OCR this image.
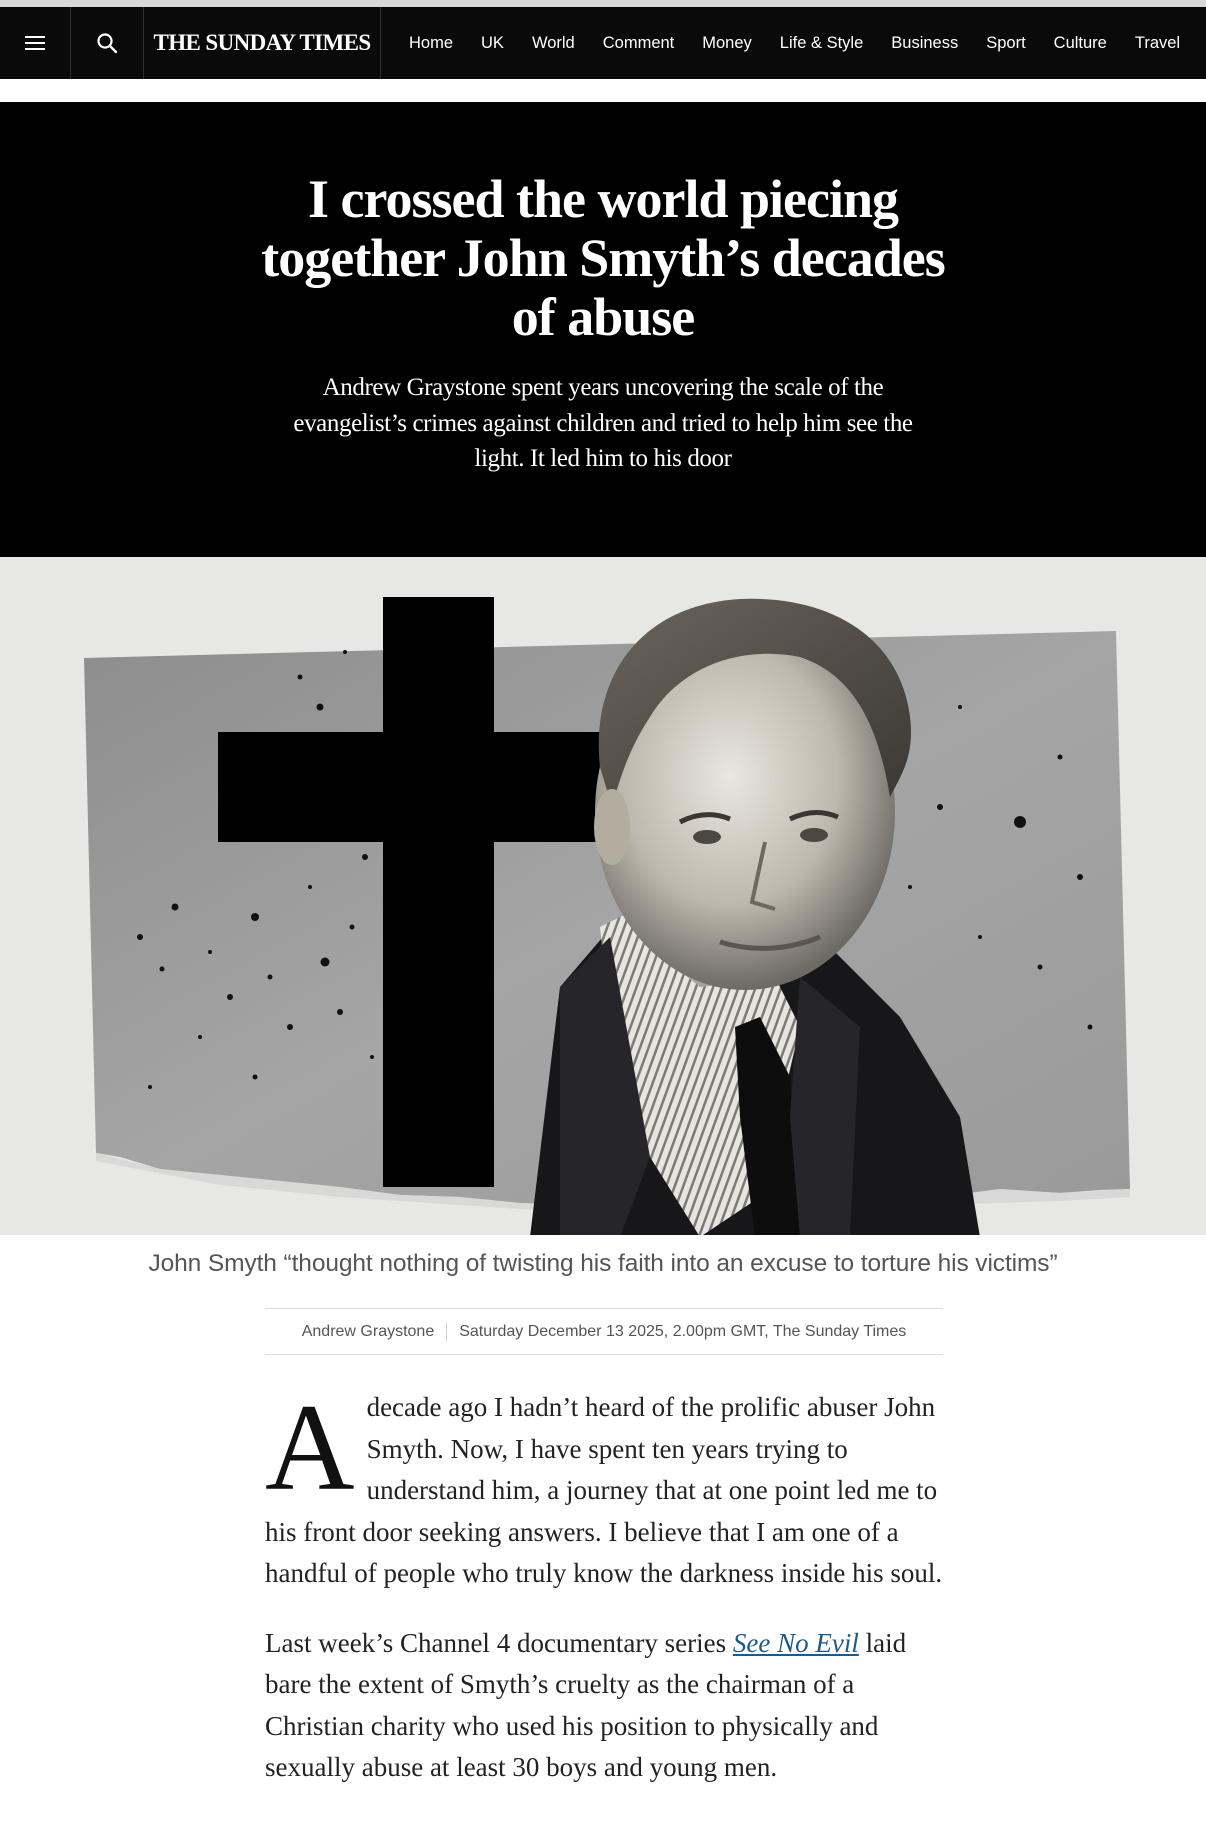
THE SUNDAY TIMES	Home UK World Comment Money Life & Style Business Sport Culture Travel
I crossed the world piecing together John Smyth’s decades of abuse

Andrew Graystone spent years uncovering the scale of the evangelist’s crimes against children and tried to help him see the light. It led him to his door

John Smyth “thought nothing of twisting his faith into an excuse to torture his victims”
Andrew Graystone Saturday December 13 2025, 2.00pm GMT, The Sunday Times

Adecade ago I hadn’t heard of the prolific abuser John Smyth. Now, I have spent ten years trying to understand him, a journey that at one point led me to his front door seeking answers. I believe that I am one of a handful of people who truly know the darkness inside his soul.

Last week’s Channel 4 documentary series See No Evil laid bare the extent of Smyth’s cruelty as the chairman of a Christian charity who used his position to physically and sexually abuse at least 30 boys and young men.
